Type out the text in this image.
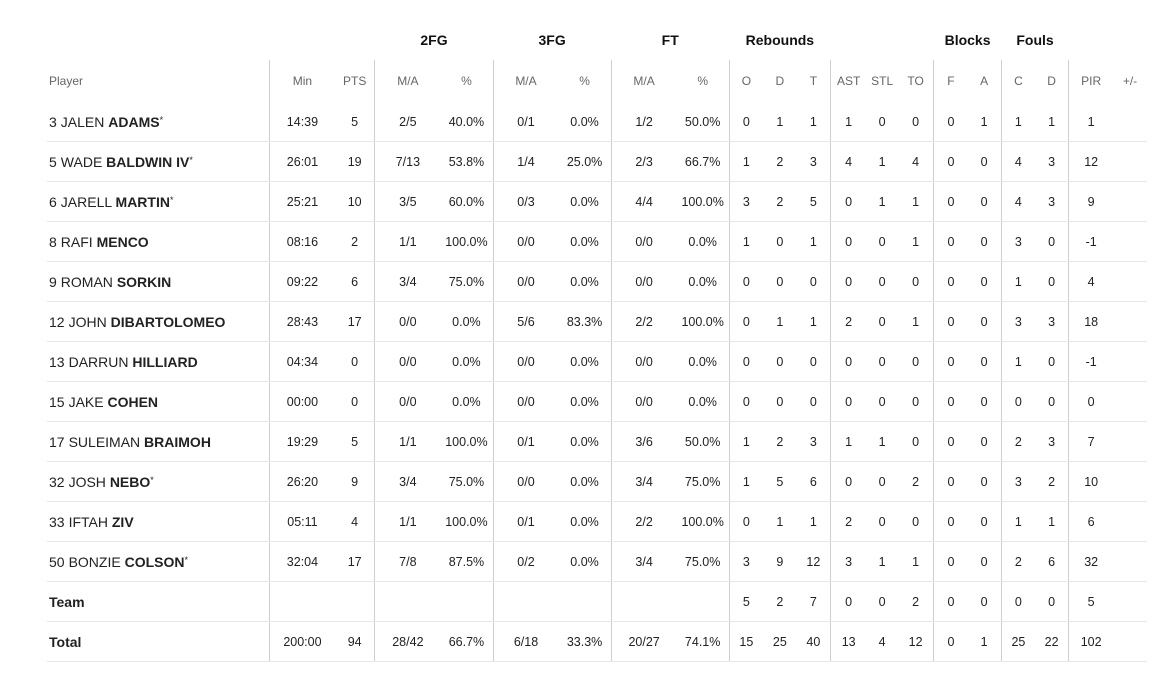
			2FG		3FG		FT		Rebounds						Blocks		Fouls			
Player	Min	PTS	M/A	%	M/A	%	M/A	%	O	D	T	AST	STL	TO	F	A	C	D	PIR	+/-
3 JALEN ADAMS*	14:39	5	2/5	40.0%	0/1	0.0%	1/2	50.0%	0	1	1	1	0	0	0	1	1	1	1	
5 WADE BALDWIN IV*	26:01	19	7/13	53.8%	1/4	25.0%	2/3	66.7%	1	2	3	4	1	4	0	0	4	3	12	
6 JARELL MARTIN*	25:21	10	3/5	60.0%	0/3	0.0%	4/4	100.0%	3	2	5	0	1	1	0	0	4	3	9	
8 RAFI MENCO	08:16	2	1/1	100.0%	0/0	0.0%	0/0	0.0%	1	0	1	0	0	1	0	0	3	0	-1	
9 ROMAN SORKIN	09:22	6	3/4	75.0%	0/0	0.0%	0/0	0.0%	0	0	0	0	0	0	0	0	1	0	4	
12 JOHN DIBARTOLOMEO	28:43	17	0/0	0.0%	5/6	83.3%	2/2	100.0%	0	1	1	2	0	1	0	0	3	3	18	
13 DARRUN HILLIARD	04:34	0	0/0	0.0%	0/0	0.0%	0/0	0.0%	0	0	0	0	0	0	0	0	1	0	-1	
15 JAKE COHEN	00:00	0	0/0	0.0%	0/0	0.0%	0/0	0.0%	0	0	0	0	0	0	0	0	0	0	0	
17 SULEIMAN BRAIMOH	19:29	5	1/1	100.0%	0/1	0.0%	3/6	50.0%	1	2	3	1	1	0	0	0	2	3	7	
32 JOSH NEBO*	26:20	9	3/4	75.0%	0/0	0.0%	3/4	75.0%	1	5	6	0	0	2	0	0	3	2	10	
33 IFTAH ZIV	05:11	4	1/1	100.0%	0/1	0.0%	2/2	100.0%	0	1	1	2	0	0	0	0	1	1	6	
50 BONZIE COLSON*	32:04	17	7/8	87.5%	0/2	0.0%	3/4	75.0%	3	9	12	3	1	1	0	0	2	6	32	
Team									5	2	7	0	0	2	0	0	0	0	5	
Total	200:00	94	28/42	66.7%	6/18	33.3%	20/27	74.1%	15	25	40	13	4	12	0	1	25	22	102	
